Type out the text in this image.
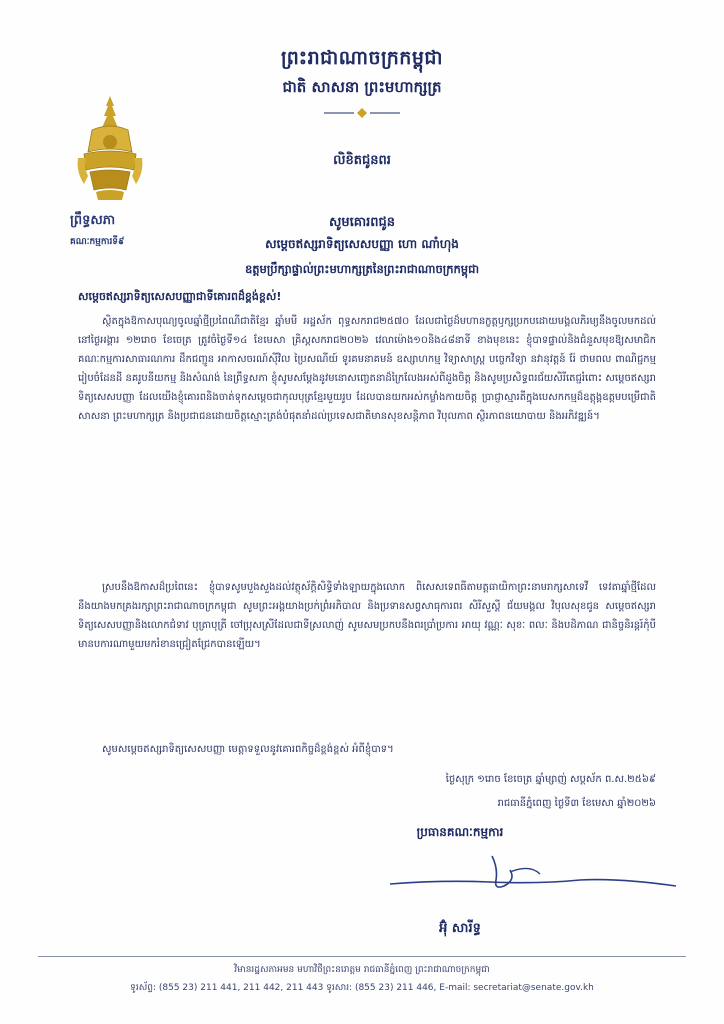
ព្រះរាជាណាចក្រកម្ពុជា
ជាតិ សាសនា ព្រះមហាក្សត្រ
ព្រឹទ្ធសភា
គណៈកម្មការទី៩
លិខិតជូនពរ
សូមគោរពជូន
សម្តេចឥស្សរាទិត្យសេសបញ្ញា ហោ ណាំហុង
ឧត្តមប្រឹក្សាផ្ទាល់ព្រះមហាក្សត្រនៃព្រះរាជាណាចក្រកម្ពុជា
សម្តេចឥស្សរាទិត្យសេសបញ្ញាជាទីគោរពដ៏ខ្ពង់ខ្ពស់!

ស្ថិតក្នុងឱកាសបុណ្យចូលឆ្នាំថ្មីប្រពៃណីជាតិខ្មែរ ឆ្នាំមមី អដ្ឋស័ក ពុទ្ធសករាជ២៥៧០ ដែលជាថ្ងៃដ៏មហានក្ខត្តឫក្សប្រកបដោយមង្គលភិរម្យនឹងចូលមកដល់នៅថ្ងៃអង្គារ ១២រោច ខែចេត្រ ត្រូវចំថ្ងៃទី១៤ ខែមេសា គ្រិស្តសករាជ២០២៦ វេលាម៉ោង១០និង៤៨នាទី ខាងមុខនេះ ខ្ញុំបាទផ្ទាល់និងជំនួសមុខឱ្យសមាជិកគណៈកម្មការសាធារណការ ដឹកជញ្ជូន អាកាសចរណ៍ស៊ីវិល ប្រៃសណីយ៍ ទូរគមនាគមន៍ ឧស្សាហកម្ម វិទ្យាសាស្ត្រ បច្ចេកវិទ្យា នវានុវត្តន៍ រ៉ែ ថាមពល ពាណិជ្ជកម្ម រៀបចំដែនដី នគរូបនីយកម្ម និងសំណង់ នៃព្រឹទ្ធសភា ខ្ញុំសូមសម្តែងនូវមនោសញ្ចេតនាដ៏ក្រៃលែងអស់ពីដួងចិត្ត និងសូមប្រសិទ្ធពរជ័យសិរីតេជ្ជរំពោះ សម្តេចឥស្សរាទិត្យសេសបញ្ញា ដែលយើងខ្ញុំគោរពនិងចាត់ទុកសម្តេចជាកុលបុត្រខ្មែរមួយរូប ដែលបានយកអស់កម្លាំងកាយចិត្ត ប្រាជ្ញាស្មារតីក្នុងបេសកកម្មដ៏ឧត្តុង្គឧត្តមបម្រើជាតិ សាសនា ព្រះមហាក្សត្រ និងប្រជាជនដោយចិត្តស្មោះត្រង់បំផុតនាំដល់ប្រទេសជាតិមានសុខសន្តិភាព វិបុលភាព ស្ថិរភាពនយោបាយ និងអភិវឌ្ឍន៍។

ស្របនឹងឱកាសដ៏ប្រពៃនេះ ខ្ញុំបាទសូមបួងសួងដល់វត្ថុស័ក្តិសិទ្ធិទាំងឡាយក្នុងលោក ពិសេសទេពធីតាមត្តធាយិកាព្រះនាមរាក្សសាទេវី ទេវតាឆ្នាំថ្មីដែលនឹងយាងមកគ្រងរក្សាព្រះរាជាណាចក្រកម្ពុជា សូមព្រះអង្គយាងប្រក់ព្រំអភិបាល និងប្រទានសព្វសាធុការពរ សិរីសួស្តី ជ័យមង្គល វិបុលសុខជូន សម្តេចឥស្សរាទិត្យសេសបញ្ញានិងលោកជំទាវ បុត្រាបុត្រី ចៅប្រុសស្រីដែលជាទីស្រលាញ់ សូមសមប្រកបនឹងពរប្រាំប្រការ អាយុ វណ្ណៈ សុខៈ ពលៈ និងបដិភាណ ជានិច្ចនិរន្តរ៍កុំបីមានបការណាមួយមករំខានជ្រៀតជ្រែកបានឡើយ។

សូមសម្តេចឥស្សរាទិត្យសេសបញ្ញា មេត្តាទទួលនូវគោរពកិច្ចដ៏ខ្ពង់ខ្ពស់ អំពីខ្ញុំបាទ។

ថ្ងៃសុក្រ ១រោច ខែចេត្រ ឆ្នាំម្សាញ់ សប្តស័ក ព.ស.២៥៦៩
រាជធានីភ្នំពេញ ថ្ងៃទី៣ ខែមេសា ឆ្នាំ២០២៦
ប្រធានគណៈកម្មការ
អ៊ុំ សារីទ្ធ
វិមានរដ្ឋសភាអមន មហាវិថីព្រះនរោត្តម រាជធានីភ្នំពេញ ព្រះរាជាណាចក្រកម្ពុជា
ទូរស័ព្ទ: (855 23) 211 441, 211 442, 211 443 ទូរសារ: (855 23) 211 446, E-mail: secretariat@senate.gov.kh
